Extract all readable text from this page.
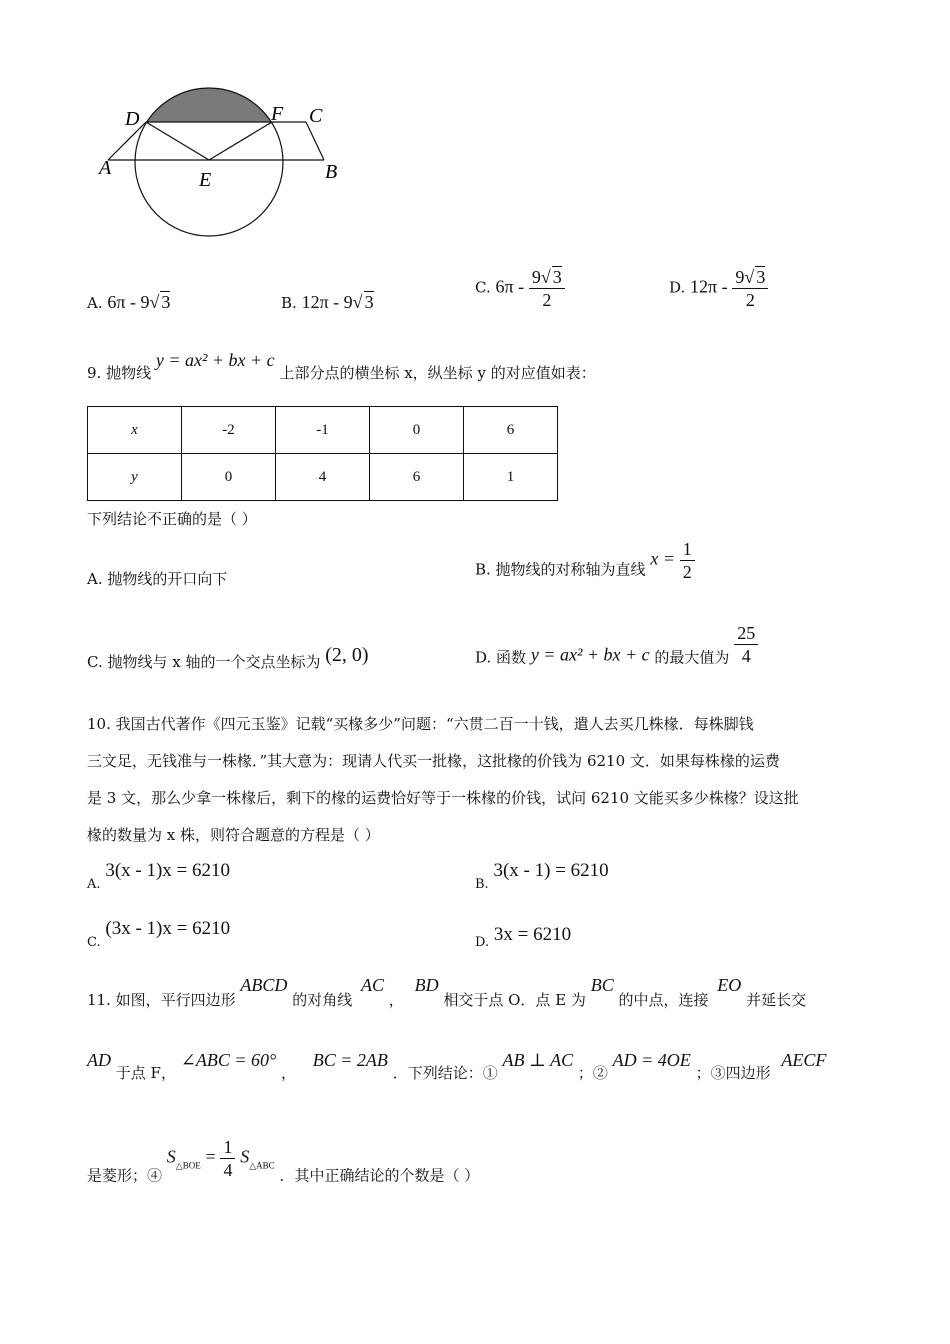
D	F C
A
E	B
A. 6π - 9√ 3	B. 12π - 9√ 3
C. $6\pi - \frac{9√ 3}{2}$	D. $12\pi - \frac{9√ 3}{2}$
9. 抛物线 y = ax² + bx + c 上部分点的横坐标 x，纵坐标 y 的对应值如表：
x	-2	-1	0	6
y	0	4	6	1
下列结论不正确的是（ ）
A. 抛物线的开口向下
B. 抛物线的对称轴为直线 $x = \frac{1}{2}$
C. 抛物线与 x 轴的一个交点坐标为 (2, 0)	D. 函数 y = ax² + bx + c 的最大值为 $\frac{25}{4}$
10. 我国古代著作《四元玉鉴》记载“买椽多少”问题：“六贯二百一十钱，遣人去买几株椽．每株脚钱
三文足，无钱准与一株椽．”其大意为：现请人代买一批椽，这批椽的价钱为 6210 文．如果每株椽的运费
是 3 文，那么少拿一株椽后，剩下的椽的运费恰好等于一株椽的价钱，试问 6210 文能买多少株椽？设这批
椽的数量为 x 株，则符合题意的方程是（ ）
A. 3(x - 1)x = 6210
B. 3(x - 1) = 6210
C. (3x - 1)x = 6210
D. 3x = 6210
11. 如图，平行四边形 ABCD 的对角线 AC ， BD 相交于点 O．点 E 为 BC 的中点，连接 EO 并延长交
AD 于点 F， ∠ABC = 60° ， BC = 2AB ．下列结论：① AB ⊥ AC ；② AD = 4OE ；③四边形 AECF
是菱形；④ $S_{\triangle BOE} = \frac{1}{4} S_{\triangle ABC}$ ．其中正确结论的个数是（ ）
